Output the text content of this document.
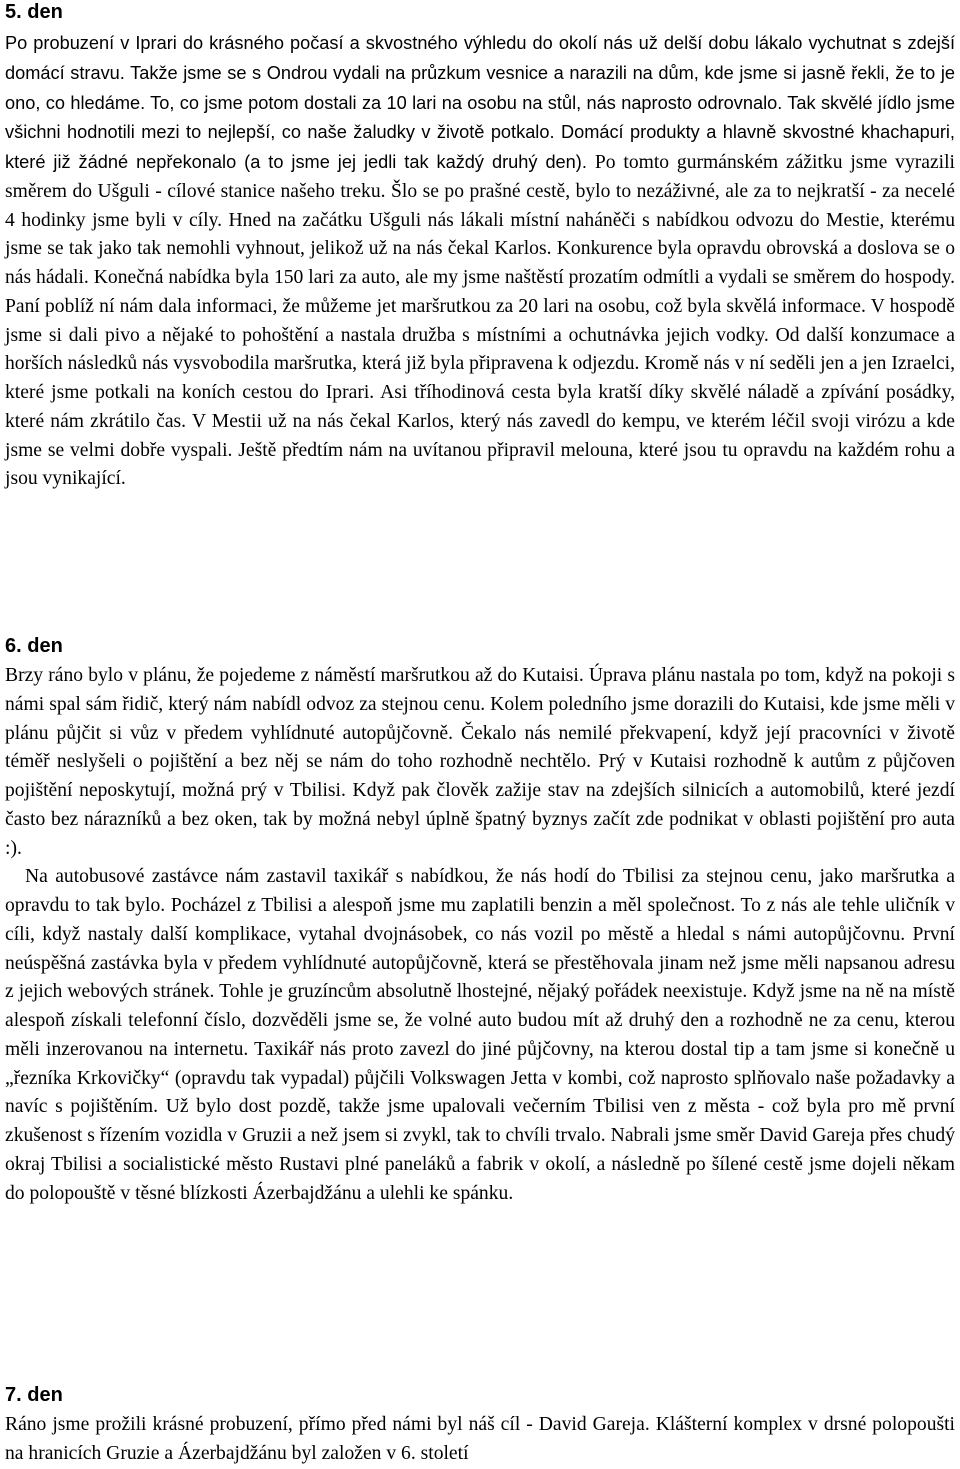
5. den

Po probuzení v Iprari do krásného počasí a skvostného výhledu do okolí nás už delší dobu lákalo vychutnat s zdejší domácí stravu. Takže jsme se s Ondrou vydali na průzkum vesnice a narazili na dům, kde jsme si jasně řekli, že to je ono, co hledáme. To, co jsme potom dostali za 10 lari na osobu na stůl, nás naprosto odrovnalo. Tak skvělé jídlo jsme všichni hodnotili mezi to nejlepší, co naše žaludky v životě potkalo. Domácí produkty a hlavně skvostné khachapuri, které již žádné nepřekonalo (a to jsme jej jedli tak každý druhý den). Po tomto gurmánském zážitku jsme vyrazili směrem do Ušguli - cílové stanice našeho treku. Šlo se po prašné cestě, bylo to nezáživné, ale za to nejkratší - za necelé 4 hodinky jsme byli v cíly. Hned na začátku Ušguli nás lákali místní naháněči s nabídkou odvozu do Mestie, kterému jsme se tak jako tak nemohli vyhnout, jelikož už na nás čekal Karlos. Konkurence byla opravdu obrovská a doslova se o nás hádali. Konečná nabídka byla 150 lari za auto, ale my jsme naštěstí prozatím odmítli a vydali se směrem do hospody. Paní poblíž ní nám dala informaci, že můžeme jet maršrutkou za 20 lari na osobu, což byla skvělá informace. V hospodě jsme si dali pivo a nějaké to pohoštění a nastala družba s místními a ochutnávka jejich vodky. Od další konzumace a horších následků nás vysvobodila maršrutka, která již byla připravena k odjezdu. Kromě nás v ní seděli jen a jen Izraelci, které jsme potkali na koních cestou do Iprari. Asi tříhodinová cesta byla kratší díky skvělé náladě a zpívání posádky, které nám zkrátilo čas. V Mestii už na nás čekal Karlos, který nás zavedl do kempu, ve kterém léčil svoji virózu a kde jsme se velmi dobře vyspali. Ještě předtím nám na uvítanou připravil melouna, které jsou tu opravdu na každém rohu a jsou vynikající.

6. den

Brzy ráno bylo v plánu, že pojedeme z náměstí maršrutkou až do Kutaisi. Úprava plánu nastala po tom, když na pokoji s námi spal sám řidič, který nám nabídl odvoz za stejnou cenu. Kolem poledního jsme dorazili do Kutaisi, kde jsme měli v plánu půjčit si vůz v předem vyhlídnuté autopůjčovně. Čekalo nás nemilé překvapení, když její pracovníci v životě téměř neslyšeli o pojištění a bez něj se nám do toho rozhodně nechtělo. Prý v Kutaisi rozhodně k autům z půjčoven pojištění neposkytují, možná prý v Tbilisi. Když pak člověk zažije stav na zdejších silnicích a automobilů, které jezdí často bez nárazníků a bez oken, tak by možná nebyl úplně špatný byznys začít zde podnikat v oblasti pojištění pro auta :).

Na autobusové zastávce nám zastavil taxikář s nabídkou, že nás hodí do Tbilisi za stejnou cenu, jako maršrutka a opravdu to tak bylo. Pocházel z Tbilisi a alespoň jsme mu zaplatili benzin a měl společnost. To z nás ale tehle uličník v cíli, když nastaly další komplikace, vytahal dvojnásobek, co nás vozil po městě a hledal s námi autopůjčovnu. První neúspěšná zastávka byla v předem vyhlídnuté autopůjčovně, která se přestěhovala jinam než jsme měli napsanou adresu z jejich webových stránek. Tohle je gruzíncům absolutně lhostejné, nějaký pořádek neexistuje. Když jsme na ně na místě alespoň získali telefonní číslo, dozvěděli jsme se, že volné auto budou mít až druhý den a rozhodně ne za cenu, kterou měli inzerovanou na internetu. Taxikář nás proto zavezl do jiné půjčovny, na kterou dostal tip a tam jsme si konečně u „řezníka Krkovičky“ (opravdu tak vypadal) půjčili Volkswagen Jetta v kombi, což naprosto splňovalo naše požadavky a navíc s pojištěním. Už bylo dost pozdě, takže jsme upalovali večerním Tbilisi ven z města - což byla pro mě první zkušenost s řízením vozidla v Gruzii a než jsem si zvykl, tak to chvíli trvalo. Nabrali jsme směr David Gareja přes chudý okraj Tbilisi a socialistické město Rustavi plné paneláků a fabrik v okolí, a následně po šílené cestě jsme dojeli někam do polopouště v těsné blízkosti Ázerbajdžánu a ulehli ke spánku.

7. den

Ráno jsme prožili krásné probuzení, přímo před námi byl náš cíl - David Gareja. Klášterní komplex v drsné polopoušti na hranicích Gruzie a Ázerbajdžánu byl založen v 6. století
